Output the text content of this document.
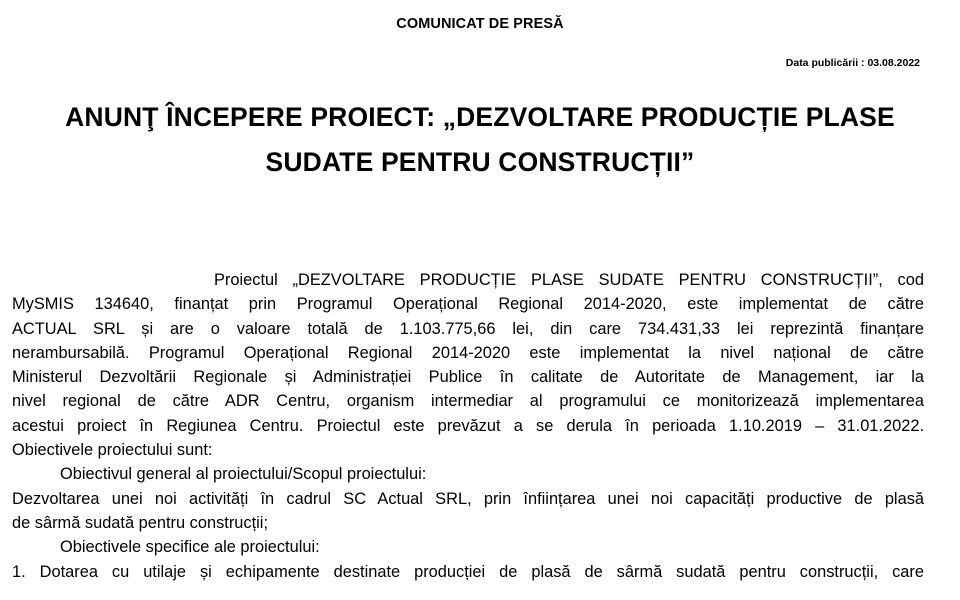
COMUNICAT DE PRESĂ
Data publicării : 03.08.2022
ANUNŢ ÎNCEPERE PROIECT: „DEZVOLTARE PRODUCȚIE PLASE
SUDATE PENTRU CONSTRUCȚII”
Proiectul „DEZVOLTARE PRODUCȚIE PLASE SUDATE PENTRU CONSTRUCȚII”, cod
MySMIS 134640, finanțat prin Programul Operațional Regional 2014-2020, este implementat de către
ACTUAL SRL și are o valoare totală de 1.103.775,66 lei, din care 734.431,33 lei reprezintă finanțare
nerambursabilă. Programul Operațional Regional 2014-2020 este implementat la nivel național de către
Ministerul Dezvoltării Regionale și Administrației Publice în calitate de Autoritate de Management, iar la
nivel regional de către ADR Centru, organism intermediar al programului ce monitorizează implementarea
acestui proiect în Regiunea Centru. Proiectul este prevăzut a se derula în perioada 1.10.2019 – 31.01.2022.
Obiectivele proiectului sunt:
Obiectivul general al proiectului/Scopul proiectului:
Dezvoltarea unei noi activități în cadrul SC Actual SRL, prin înființarea unei noi capacități productive de plasă
de sârmă sudată pentru construcții;
Obiectivele specifice ale proiectului:
1. Dotarea cu utilaje și echipamente destinate producției de plasă de sârmă sudată pentru construcții, care
